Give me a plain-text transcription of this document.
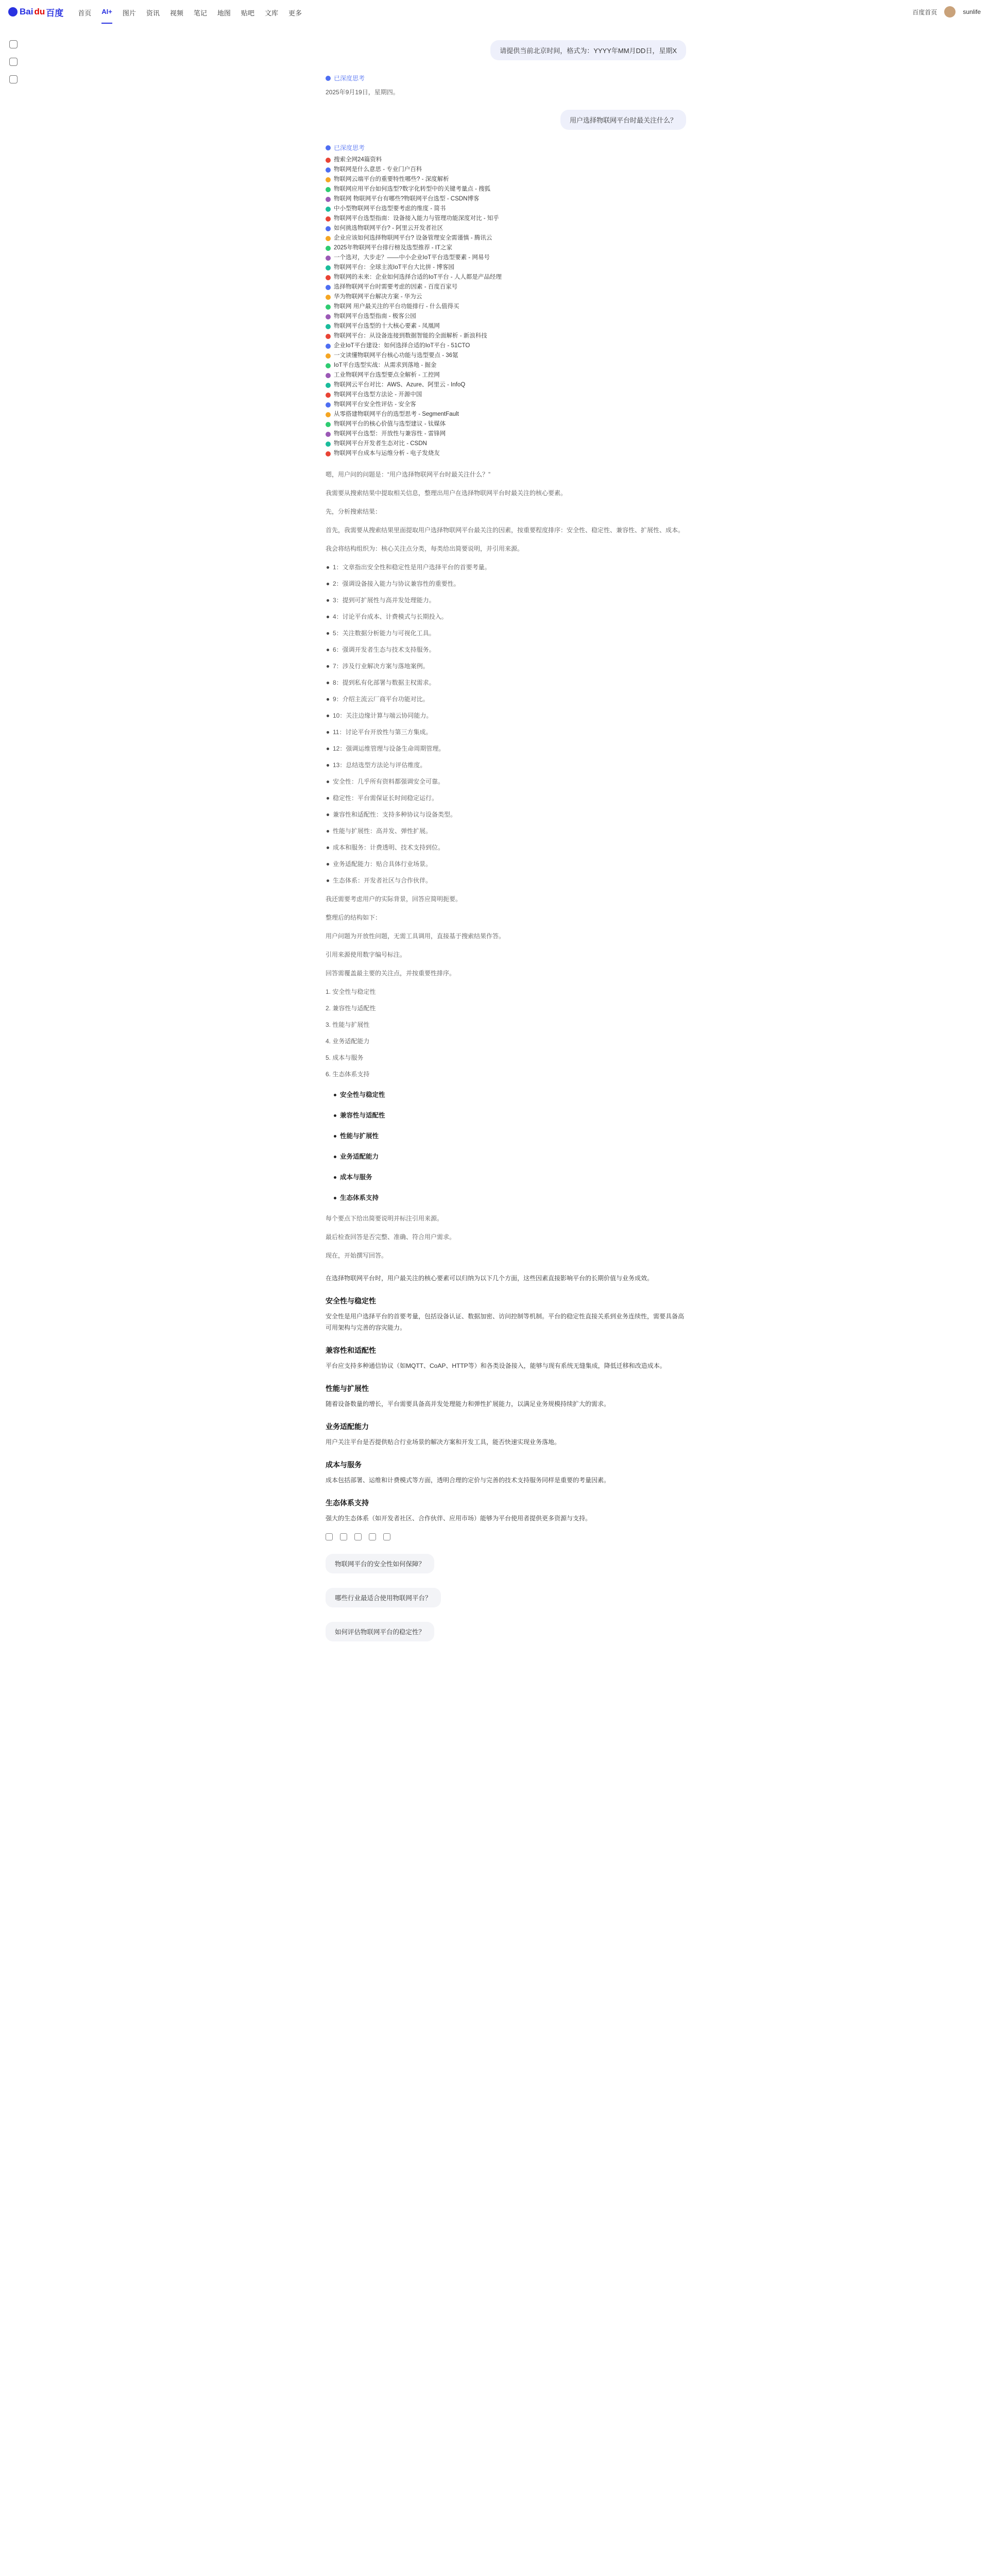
Bai du 百度 首页 AI+ 图片 资讯 视频 笔记 地图 贴吧 文库 更多	百度首页	sunlife
请提供当前北京时间，格式为：YYYY年MM月DD日，星期X
已深度思考
2025年9月19日，星期四。
用户选择物联网平台时最关注什么？
已深度思考
搜索全网24篇资料
物联网是什么意思 - 专业门户百科
物联网云端平台的重要特性哪些? - 深度解析
物联网应用平台如何选型?数字化转型中的关键考量点 - 搜狐
物联网 物联网平台有哪些?物联网平台选型 - CSDN博客
中小型物联网平台选型要考虑的维度 - 简书
物联网平台选型指南：设备接入能力与管理功能深度对比 - 知乎
如何挑选物联网平台? - 阿里云开发者社区
企业应该如何选择物联网平台? 设备管理安全需谨慎 - 腾讯云
2025年物联网平台排行榜及选型推荐 - IT之家
一个选对，大步走？——中小企业IoT平台选型要素 - 网易号
物联网平台：全球主流IoT平台大比拼 - 博客园
物联网的未来：企业如何选择合适的IoT平台 - 人人都是产品经理
选择物联网平台时需要考虑的因素 - 百度百家号
华为物联网平台解决方案 - 华为云
物联网 用户最关注的平台功能排行 - 什么值得买
物联网平台选型指南 - 极客公园
物联网平台选型的十大核心要素 - 凤凰网
物联网平台：从设备连接到数据智能的全面解析 - 新浪科技
企业IoT平台建设：如何选择合适的IoT平台 - 51CTO
一文读懂物联网平台核心功能与选型要点 - 36氪
IoT平台选型实战：从需求到落地 - 掘金
工业物联网平台选型要点全解析 - 工控网
物联网云平台对比：AWS、Azure、阿里云 - InfoQ
物联网平台选型方法论 - 开源中国
物联网平台安全性评估 - 安全客
从零搭建物联网平台的选型思考 - SegmentFault
物联网平台的核心价值与选型建议 - 钛媒体
物联网平台选型：开放性与兼容性 - 雷锋网
物联网平台开发者生态对比 - CSDN
物联网平台成本与运维分析 - 电子发烧友

嗯，用户问的问题是：“用户选择物联网平台时最关注什么？”

我需要从搜索结果中提取相关信息，整理出用户在选择物联网平台时最关注的核心要素。

先，分析搜索结果：

首先，我需要从搜索结果里面提取用户选择物联网平台最关注的因素，按重要程度排序：安全性、稳定性、兼容性、扩展性、成本。

我会将结构组织为：核心关注点分类，每类给出简要说明，并引用来源。

1：文章指出安全性和稳定性是用户选择平台的首要考量。
2：强调设备接入能力与协议兼容性的重要性。
3：提到可扩展性与高并发处理能力。
4：讨论平台成本、计费模式与长期投入。
5：关注数据分析能力与可视化工具。
6：强调开发者生态与技术支持服务。
7：涉及行业解决方案与落地案例。
8：提到私有化部署与数据主权需求。
9：介绍主流云厂商平台功能对比。
10：关注边缘计算与端云协同能力。
11：讨论平台开放性与第三方集成。
12：强调运维管理与设备生命周期管理。
13：总结选型方法论与评估维度。
安全性：几乎所有资料都强调安全可靠。
稳定性：平台需保证长时间稳定运行。
兼容性和适配性：支持多种协议与设备类型。
性能与扩展性：高并发、弹性扩展。
成本和服务：计费透明、技术支持到位。
业务适配能力：贴合具体行业场景。
生态体系：开发者社区与合作伙伴。

我还需要考虑用户的实际背景，回答应简明扼要。

整理后的结构如下：

用户问题为开放性问题，无需工具调用，直接基于搜索结果作答。

引用来源使用数字编号标注。

回答需覆盖最主要的关注点，并按重要性排序。

1. 安全性与稳定性
2. 兼容性与适配性
3. 性能与扩展性
4. 业务适配能力
5. 成本与服务
6. 生态体系支持
安全性与稳定性
兼容性与适配性
性能与扩展性
业务适配能力
成本与服务
生态体系支持

每个要点下给出简要说明并标注引用来源。

最后检查回答是否完整、准确、符合用户需求。

现在，开始撰写回答。

在选择物联网平台时，用户最关注的核心要素可以归纳为以下几个方面，这些因素直接影响平台的长期价值与业务成效。

安全性与稳定性

安全性是用户选择平台的首要考量，包括设备认证、数据加密、访问控制等机制。平台的稳定性直接关系到业务连续性，需要具备高可用架构与完善的容灾能力。

兼容性和适配性

平台应支持多种通信协议（如MQTT、CoAP、HTTP等）和各类设备接入，能够与现有系统无缝集成，降低迁移和改造成本。

性能与扩展性

随着设备数量的增长，平台需要具备高并发处理能力和弹性扩展能力，以满足业务规模持续扩大的需求。

业务适配能力

用户关注平台是否提供贴合行业场景的解决方案和开发工具，能否快速实现业务落地。

成本与服务

成本包括部署、运维和计费模式等方面，透明合理的定价与完善的技术支持服务同样是重要的考量因素。

生态体系支持

强大的生态体系（如开发者社区、合作伙伴、应用市场）能够为平台使用者提供更多资源与支持。

物联网平台的安全性如何保障？
哪些行业最适合使用物联网平台？
如何评估物联网平台的稳定性？
